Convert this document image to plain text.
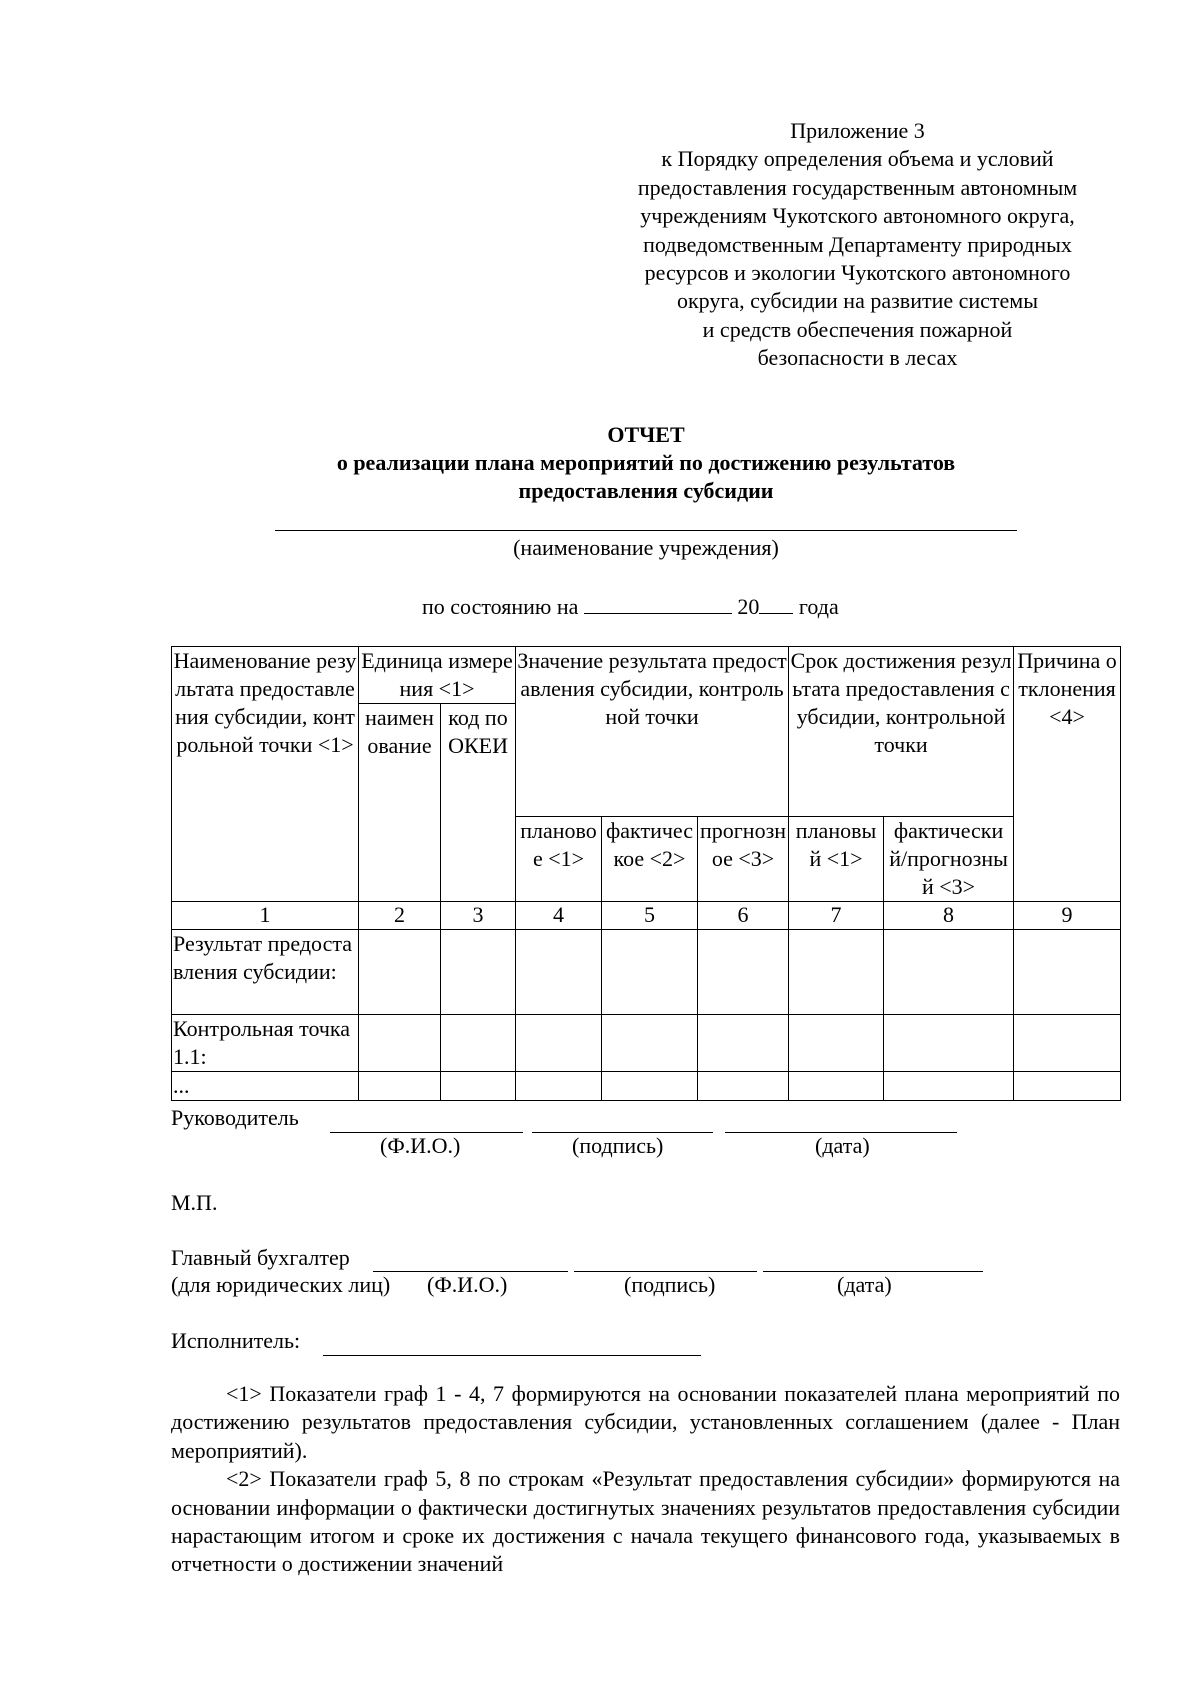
Приложение 3
к Порядку определения объема и условий
предоставления государственным автономным
учреждениям Чукотского автономного округа,
подведомственным Департаменту природных
ресурсов и экологии Чукотского автономного
округа, субсидии на развитие системы
и средств обеспечения пожарной
безопасности в лесах
ОТЧЕТ
о реализации плана мероприятий по достижению результатов
предоставления субсидии
(наименование учреждения)
по состоянию на	20 года
Наименование результата предоставления субсидии, контрольной точки <1>	Единица измерения <1>		Значение результата предоставления субсидии, контрольной точки			Срок достижения результата предоставления субсидии, контрольной точки		Причина отклонения <4>
	наименование	код по ОКЕИ						

			плановое <1>	фактическое <2>	прогнозное <3>	плановый <1>	фактический/прогнозный <3>	
1	2	3	4	5	6	7	8	9
Результат предоставления субсидии:								
Контрольная точка 1.1:								
...								
Руководитель
(Ф.И.О.)	(подпись)	(дата)
М.П.
Главный бухгалтер
(для юридических лиц) (Ф.И.О.)	(подпись)	(дата)
Исполнитель:

<1> Показатели граф 1 - 4, 7 формируются на основании показателей плана мероприятий по достижению результатов предоставления субсидии, установленных соглашением (далее - План мероприятий).

<2> Показатели граф 5, 8 по строкам «Результат предоставления субсидии» формируются на основании информации о фактически достигнутых значениях результатов предоставления субсидии нарастающим итогом и сроке их достижения с начала текущего финансового года, указываемых в отчетности о достижении значений
